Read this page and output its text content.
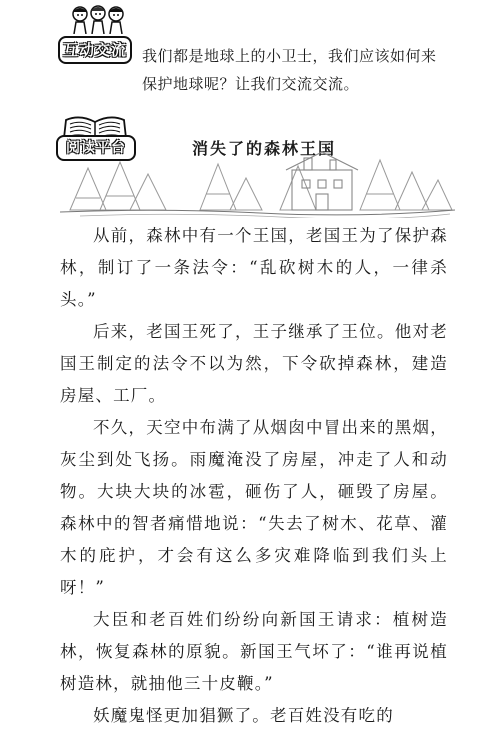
互动交流	我们都是地球上的小卫士，我们应该如何来保护地球呢？让我们交流交流。
阅读平台	消失了的森林王国

从前，森林中有一个王国，老国王为了保护森林，制订了一条法令：“乱砍树木的人，一律杀头。”

后来，老国王死了，王子继承了王位。他对老国王制定的法令不以为然，下令砍掉森林，建造房屋、工厂。

不久，天空中布满了从烟囱中冒出来的黑烟，灰尘到处飞扬。雨魔淹没了房屋，冲走了人和动物。大块大块的冰雹，砸伤了人，砸毁了房屋。森林中的智者痛惜地说：“失去了树木、花草、灌木的庇护，才会有这么多灾难降临到我们头上呀！”

大臣和老百姓们纷纷向新国王请求：植树造林，恢复森林的原貌。新国王气坏了：“谁再说植树造林，就抽他三十皮鞭。”

妖魔鬼怪更加猖獗了。老百姓没有吃的
